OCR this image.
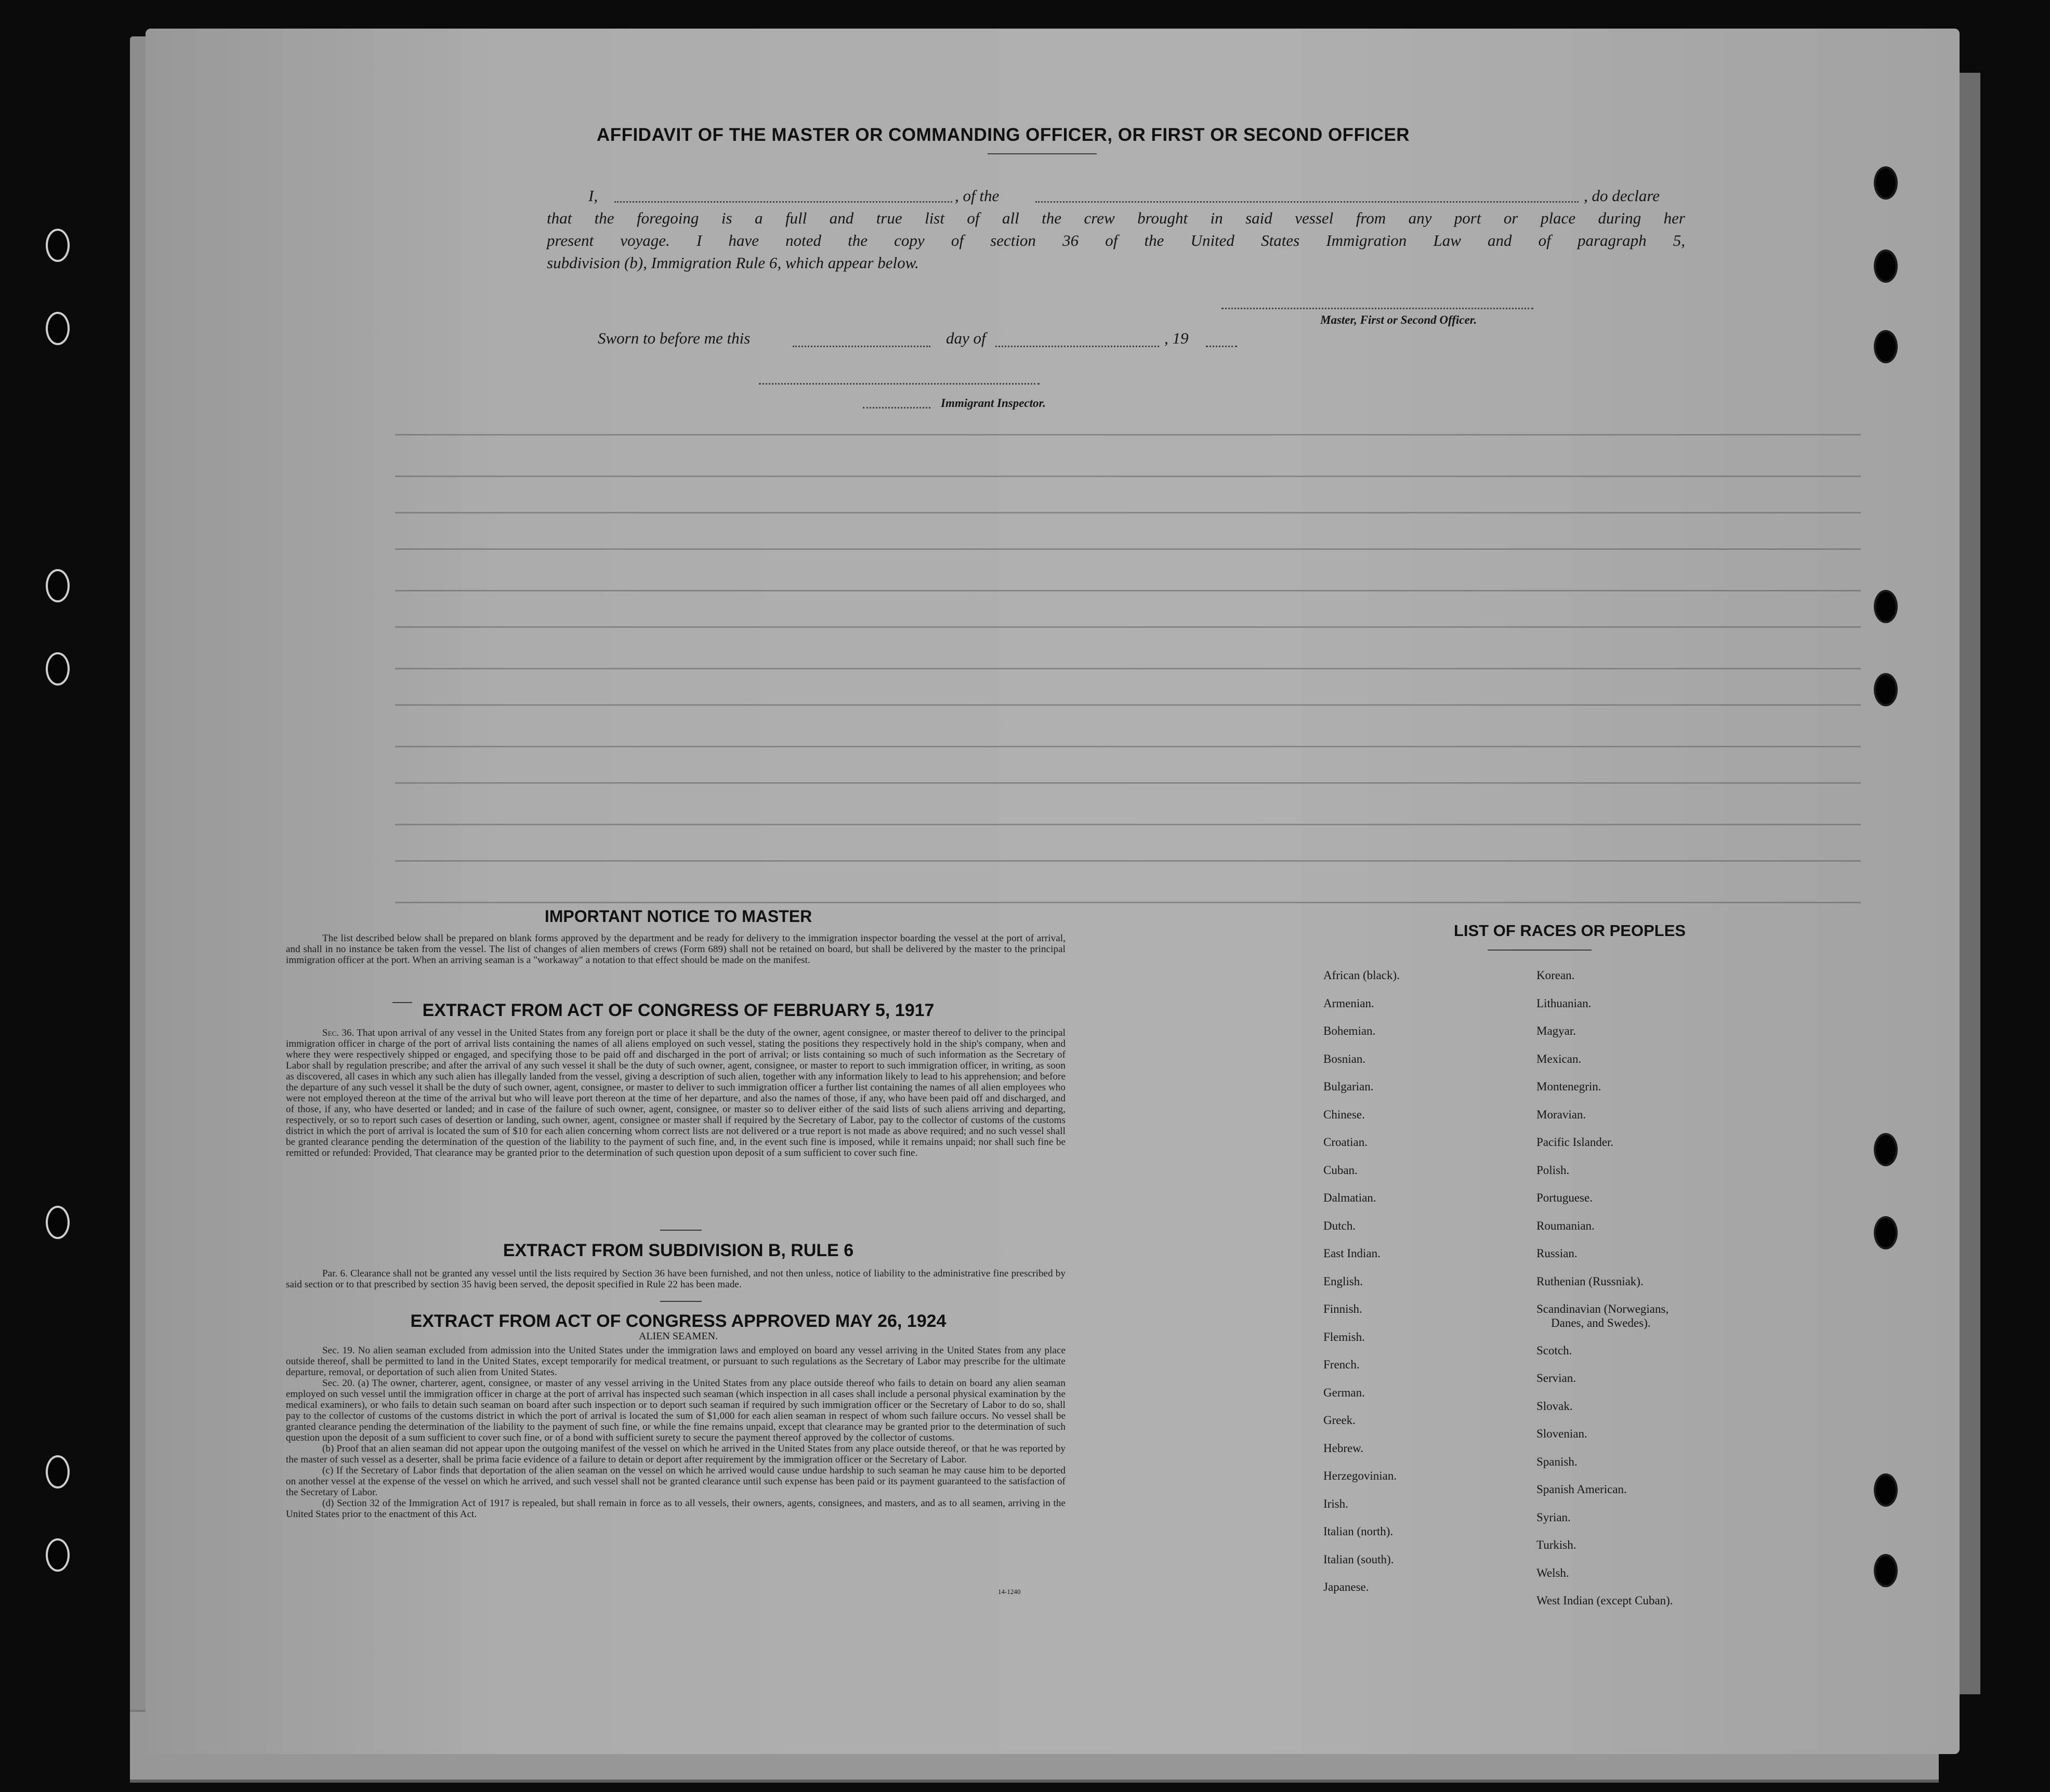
AFFIDAVIT OF THE MASTER OR COMMANDING OFFICER, OR FIRST OR SECOND OFFICER
I,	, of the	, do declare
that the foregoing is a full and true list of all the crew brought in said vessel from any port or place during her
present voyage. I have noted the copy of section 36 of the United States Immigration Law and of paragraph 5,
subdivision (b), Immigration Rule 6, which appear below.
Master, First or Second Officer.
Sworn to before me this	day of	, 19
Immigrant Inspector.
IMPORTANT NOTICE TO MASTER
The list described below shall be prepared on blank forms approved by the department and be ready for delivery to the immigration inspector boarding the vessel at the port of arrival, and shall in no instance be taken from the vessel. The list of changes of alien members of crews (Form 689) shall not be retained on board, but shall be delivered by the master to the principal immigration officer at the port. When an arriving seaman is a "workaway" a notation to that effect should be made on the manifest.
EXTRACT FROM ACT OF CONGRESS OF FEBRUARY 5, 1917
Sec. 36. That upon arrival of any vessel in the United States from any foreign port or place it shall be the duty of the owner, agent consignee, or master thereof to deliver to the principal immigration officer in charge of the port of arrival lists containing the names of all aliens employed on such vessel, stating the positions they respectively hold in the ship's company, when and where they were respectively shipped or engaged, and specifying those to be paid off and discharged in the port of arrival; or lists containing so much of such information as the Secretary of Labor shall by regulation prescribe; and after the arrival of any such vessel it shall be the duty of such owner, agent, consignee, or master to report to such immigration officer, in writing, as soon as discovered, all cases in which any such alien has illegally landed from the vessel, giving a description of such alien, together with any information likely to lead to his apprehension; and before the departure of any such vessel it shall be the duty of such owner, agent, consignee, or master to deliver to such immigration officer a further list containing the names of all alien employees who were not employed thereon at the time of the arrival but who will leave port thereon at the time of her departure, and also the names of those, if any, who have been paid off and discharged, and of those, if any, who have deserted or landed; and in case of the failure of such owner, agent, consignee, or master so to deliver either of the said lists of such aliens arriving and departing, respectively, or so to report such cases of desertion or landing, such owner, agent, consignee or master shall if required by the Secretary of Labor, pay to the collector of customs of the customs district in which the port of arrival is located the sum of $10 for each alien concerning whom correct lists are not delivered or a true report is not made as above required; and no such vessel shall be granted clearance pending the determination of the question of the liability to the payment of such fine, and, in the event such fine is imposed, while it remains unpaid; nor shall such fine be remitted or refunded: Provided, That clearance may be granted prior to the determination of such question upon deposit of a sum sufficient to cover such fine.
EXTRACT FROM SUBDIVISION B, RULE 6
Par. 6. Clearance shall not be granted any vessel until the lists required by Section 36 have been furnished, and not then unless, notice of liability to the administrative fine prescribed by said section or to that prescribed by section 35 havig been served, the deposit specified in Rule 22 has been made.
EXTRACT FROM ACT OF CONGRESS APPROVED MAY 26, 1924
ALIEN SEAMEN.
Sec. 19. No alien seaman excluded from admission into the United States under the immigration laws and employed on board any vessel arriving in the United States from any place outside thereof, shall be permitted to land in the United States, except temporarily for medical treatment, or pursuant to such regulations as the Secretary of Labor may prescribe for the ultimate departure, removal, or deportation of such alien from United States.
Sec. 20. (a) The owner, charterer, agent, consignee, or master of any vessel arriving in the United States from any place outside thereof who fails to detain on board any alien seaman employed on such vessel until the immigration officer in charge at the port of arrival has inspected such seaman (which inspection in all cases shall include a personal physical examination by the medical examiners), or who fails to detain such seaman on board after such inspection or to deport such seaman if required by such immigration officer or the Secretary of Labor to do so, shall pay to the collector of customs of the customs district in which the port of arrival is located the sum of $1,000 for each alien seaman in respect of whom such failure occurs. No vessel shall be granted clearance pending the determination of the liability to the payment of such fine, or while the fine remains unpaid, except that clearance may be granted prior to the determination of such question upon the deposit of a sum sufficient to cover such fine, or of a bond with sufficient surety to secure the payment thereof approved by the collector of customs.
(b) Proof that an alien seaman did not appear upon the outgoing manifest of the vessel on which he arrived in the United States from any place outside thereof, or that he was reported by the master of such vessel as a deserter, shall be prima facie evidence of a failure to detain or deport after requirement by the immigration officer or the Secretary of Labor.
(c) If the Secretary of Labor finds that deportation of the alien seaman on the vessel on which he arrived would cause undue hardship to such seaman he may cause him to be deported on another vessel at the expense of the vessel on which he arrived, and such vessel shall not be granted clearance until such expense has been paid or its payment guaranteed to the satisfaction of the Secretary of Labor.
(d) Section 32 of the Immigration Act of 1917 is repealed, but shall remain in force as to all vessels, their owners, agents, consignees, and masters, and as to all seamen, arriving in the United States prior to the enactment of this Act.
14-1240
LIST OF RACES OR PEOPLES
African (black).
Armenian.
Bohemian.
Bosnian.
Bulgarian.
Chinese.
Croatian.
Cuban.
Dalmatian.
Dutch.
East Indian.
English.
Finnish.
Flemish.
French.
German.
Greek.
Hebrew.
Herzegovinian.
Irish.
Italian (north).
Italian (south).
Japanese.
Korean.
Lithuanian.
Magyar.
Mexican.
Montenegrin.
Moravian.
Pacific Islander.
Polish.
Portuguese.
Roumanian.
Russian.
Ruthenian (Russniak).
Scandinavian (Norwegians,
Danes, and Swedes).
Scotch.
Servian.
Slovak.
Slovenian.
Spanish.
Spanish American.
Syrian.
Turkish.
Welsh.
West Indian (except Cuban).
